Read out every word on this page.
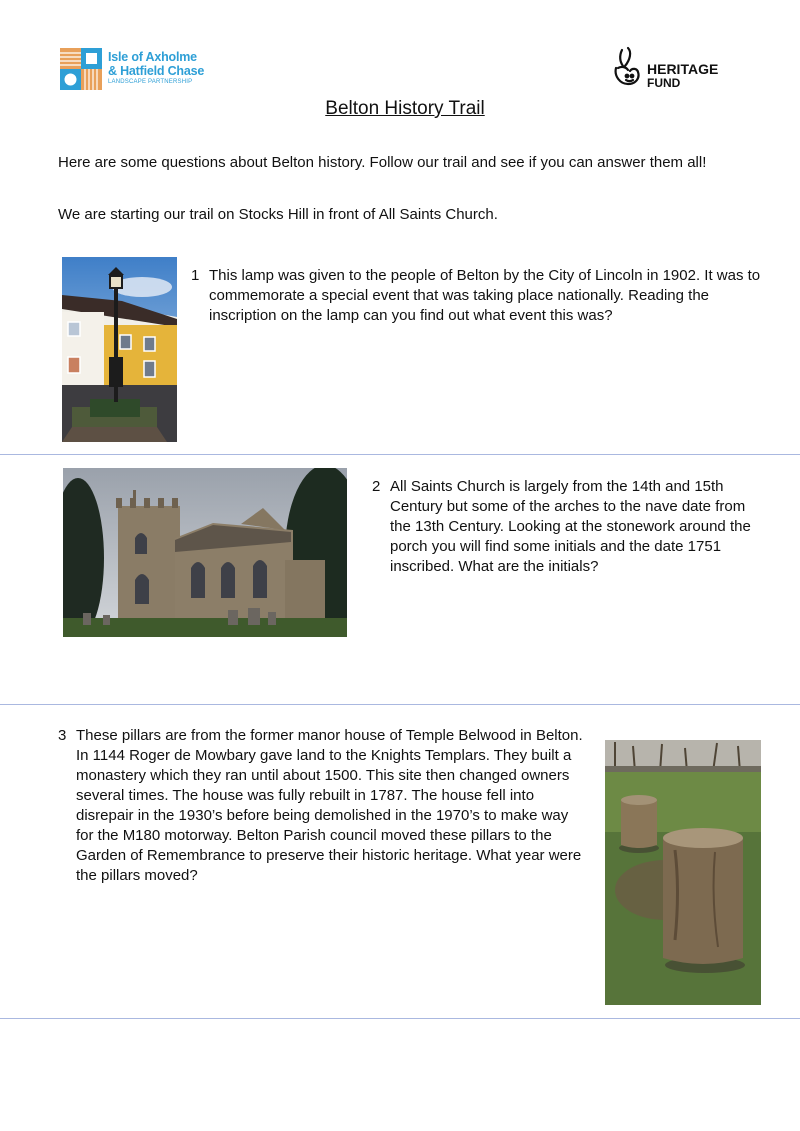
Isle of Axholme
& Hatfield Chase
LANDSCAPE PARTNERSHIP
HERITAGE
FUND
Belton History Trail
Here are some questions about Belton history. Follow our trail and see if you can answer them all!
We are starting our trail on Stocks Hill in front of All Saints Church.
1 This lamp was given to the people of Belton by the City of Lincoln in 1902. It was to commemorate a special event that was taking place nationally. Reading the inscription on the lamp can you find out what event this was?
2 All Saints Church is largely from the 14th and 15th Century but some of the arches to the nave date from the 13th Century. Looking at the stonework around the porch you will find some initials and the date 1751 inscribed. What are the initials?
3 These pillars are from the former manor house of Temple Belwood in Belton. In 1144 Roger de Mowbary gave land to the Knights Templars. They built a monastery which they ran until about 1500. This site then changed owners several times. The house was fully rebuilt in 1787. The house fell into disrepair in the 1930’s before being demolished in the 1970’s to make way for the M180 motorway. Belton Parish council moved these pillars to the Garden of Remembrance to preserve their historic heritage. What year were the pillars moved?
